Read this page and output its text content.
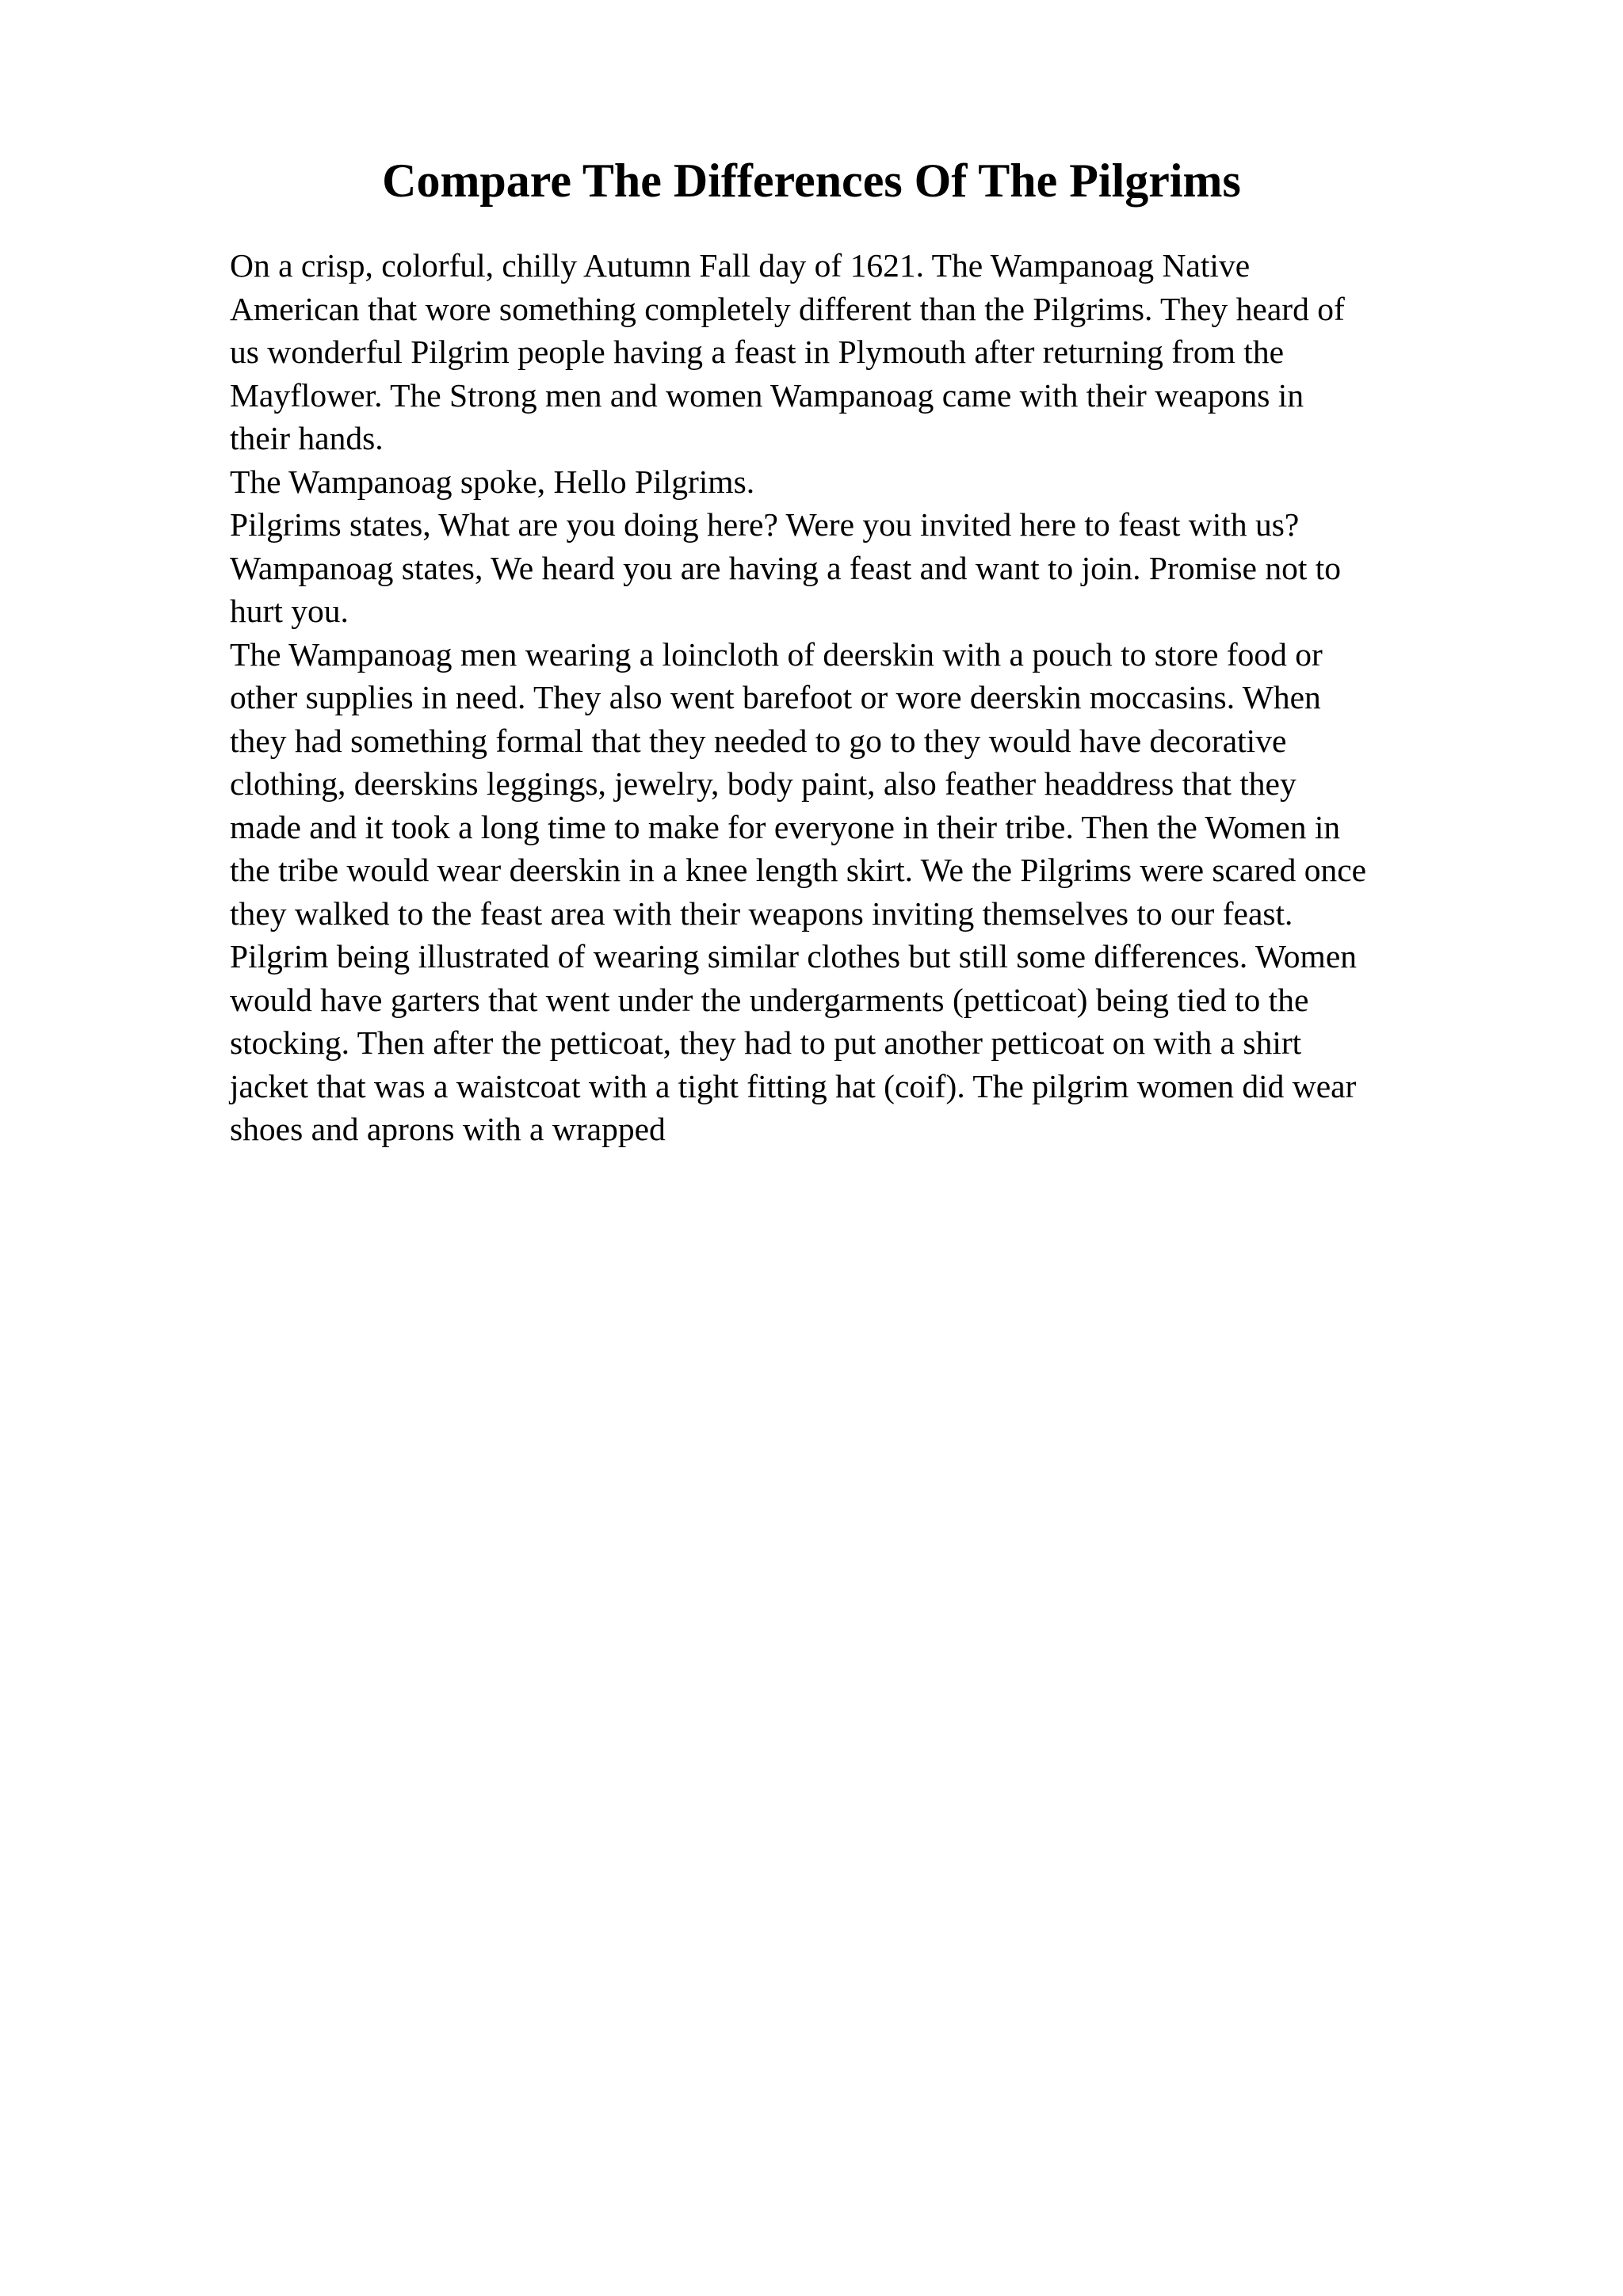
Compare The Differences Of The Pilgrims
On a crisp, colorful, chilly Autumn Fall day of 1621. The Wampanoag Native
American that wore something completely different than the Pilgrims. They heard of
us wonderful Pilgrim people having a feast in Plymouth after returning from the
Mayflower. The Strong men and women Wampanoag came with their weapons in
their hands.
The Wampanoag spoke, Hello Pilgrims.
Pilgrims states, What are you doing here? Were you invited here to feast with us?
Wampanoag states, We heard you are having a feast and want to join. Promise not to
hurt you.
The Wampanoag men wearing a loincloth of deerskin with a pouch to store food or
other supplies in need. They also went barefoot or wore deerskin moccasins. When
they had something formal that they needed to go to they would have decorative
clothing, deerskins leggings, jewelry, body paint, also feather headdress that they
made and it took a long time to make for everyone in their tribe. Then the Women in
the tribe would wear deerskin in a knee length skirt. We the Pilgrims were scared once
they walked to the feast area with their weapons inviting themselves to our feast.
Pilgrim being illustrated of wearing similar clothes but still some differences. Women
would have garters that went under the undergarments (petticoat) being tied to the
stocking. Then after the petticoat, they had to put another petticoat on with a shirt
jacket that was a waistcoat with a tight fitting hat (coif). The pilgrim women did wear
shoes and aprons with a wrapped
